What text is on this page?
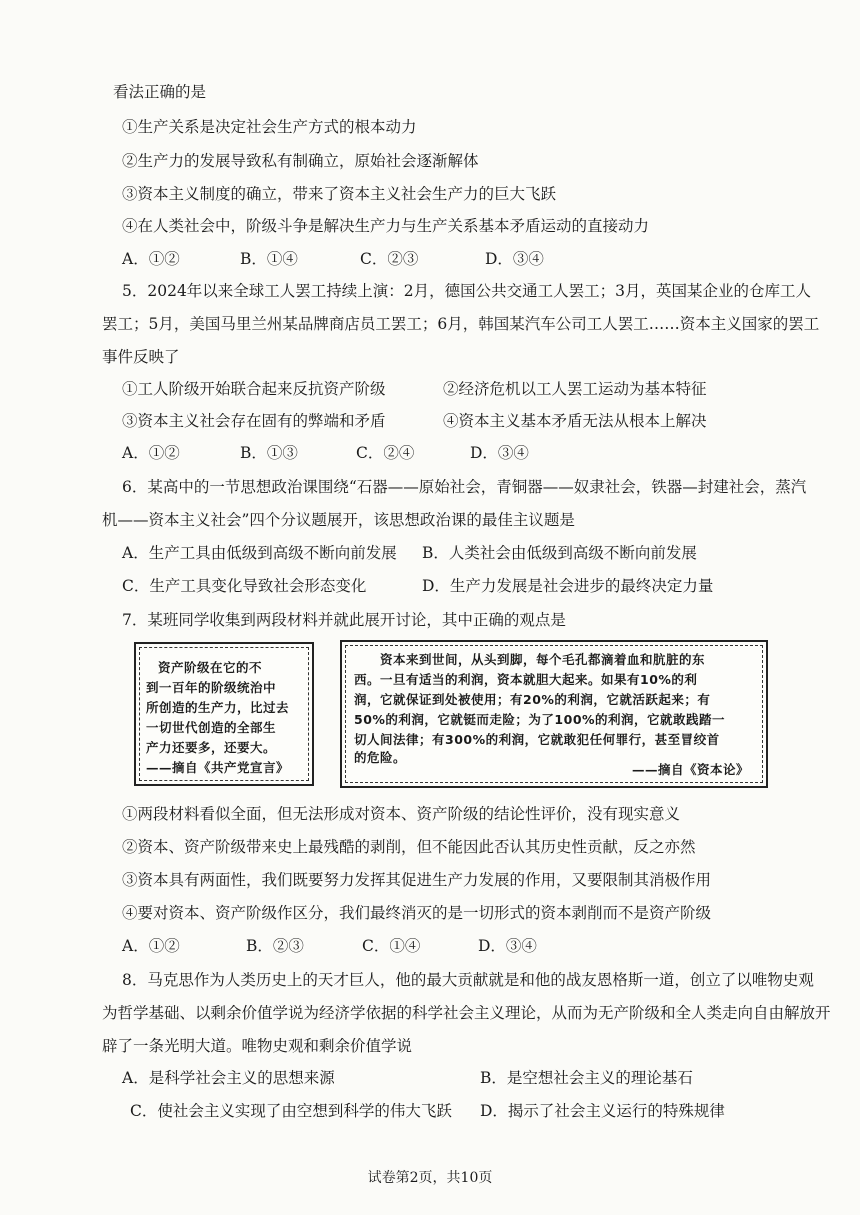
看法正确的是
①生产关系是决定社会生产方式的根本动力
②生产力的发展导致私有制确立，原始社会逐渐解体
③资本主义制度的确立，带来了资本主义社会生产力的巨大飞跃
④在人类社会中，阶级斗争是解决生产力与生产关系基本矛盾运动的直接动力
A．①②	B．①④	C．②③	D．③④
5．2024年以来全球工人罢工持续上演：2月，德国公共交通工人罢工；3月，英国某企业的仓库工人
罢工；5月，美国马里兰州某品牌商店员工罢工；6月，韩国某汽车公司工人罢工……资本主义国家的罢工
事件反映了
①工人阶级开始联合起来反抗资产阶级	②经济危机以工人罢工运动为基本特征
③资本主义社会存在固有的弊端和矛盾	④资本主义基本矛盾无法从根本上解决
A．①②	B．①③	C．②④	D．③④
6．某高中的一节思想政治课围绕“石器——原始社会，青铜器——奴隶社会，铁器—封建社会，蒸汽
机——资本主义社会”四个分议题展开，该思想政治课的最佳主议题是
A．生产工具由低级到高级不断向前发展 B．人类社会由低级到高级不断向前发展
C．生产工具变化导致社会形态变化	D．生产力发展是社会进步的最终决定力量
7．某班同学收集到两段材料并就此展开讨论，其中正确的观点是
资产阶级在它的不
到一百年的阶级统治中
所创造的生产力，比过去
一切世代创造的全部生
产力还要多，还要大。
——摘自《共产党宣言》
资本来到世间，从头到脚，每个毛孔都滴着血和肮脏的东
西。一旦有适当的利润，资本就胆大起来。如果有10%的利
润，它就保证到处被使用；有20%的利润，它就活跃起来；有
50%的利润，它就铤而走险；为了100%的利润，它就敢践踏一
切人间法律；有300%的利润，它就敢犯任何罪行，甚至冒绞首
的危险。
——摘自《资本论》
①两段材料看似全面，但无法形成对资本、资产阶级的结论性评价，没有现实意义
②资本、资产阶级带来史上最残酷的剥削，但不能因此否认其历史性贡献，反之亦然
③资本具有两面性，我们既要努力发挥其促进生产力发展的作用，又要限制其消极作用
④要对资本、资产阶级作区分，我们最终消灭的是一切形式的资本剥削而不是资产阶级
A．①②	B．②③	C．①④	D．③④
8．马克思作为人类历史上的天才巨人，他的最大贡献就是和他的战友恩格斯一道，创立了以唯物史观
为哲学基础、以剩余价值学说为经济学依据的科学社会主义理论，从而为无产阶级和全人类走向自由解放开
辟了一条光明大道。唯物史观和剩余价值学说
A．是科学社会主义的思想来源	B．是空想社会主义的理论基石
C．使社会主义实现了由空想到科学的伟大飞跃 D．揭示了社会主义运行的特殊规律
试卷第2页，共10页
